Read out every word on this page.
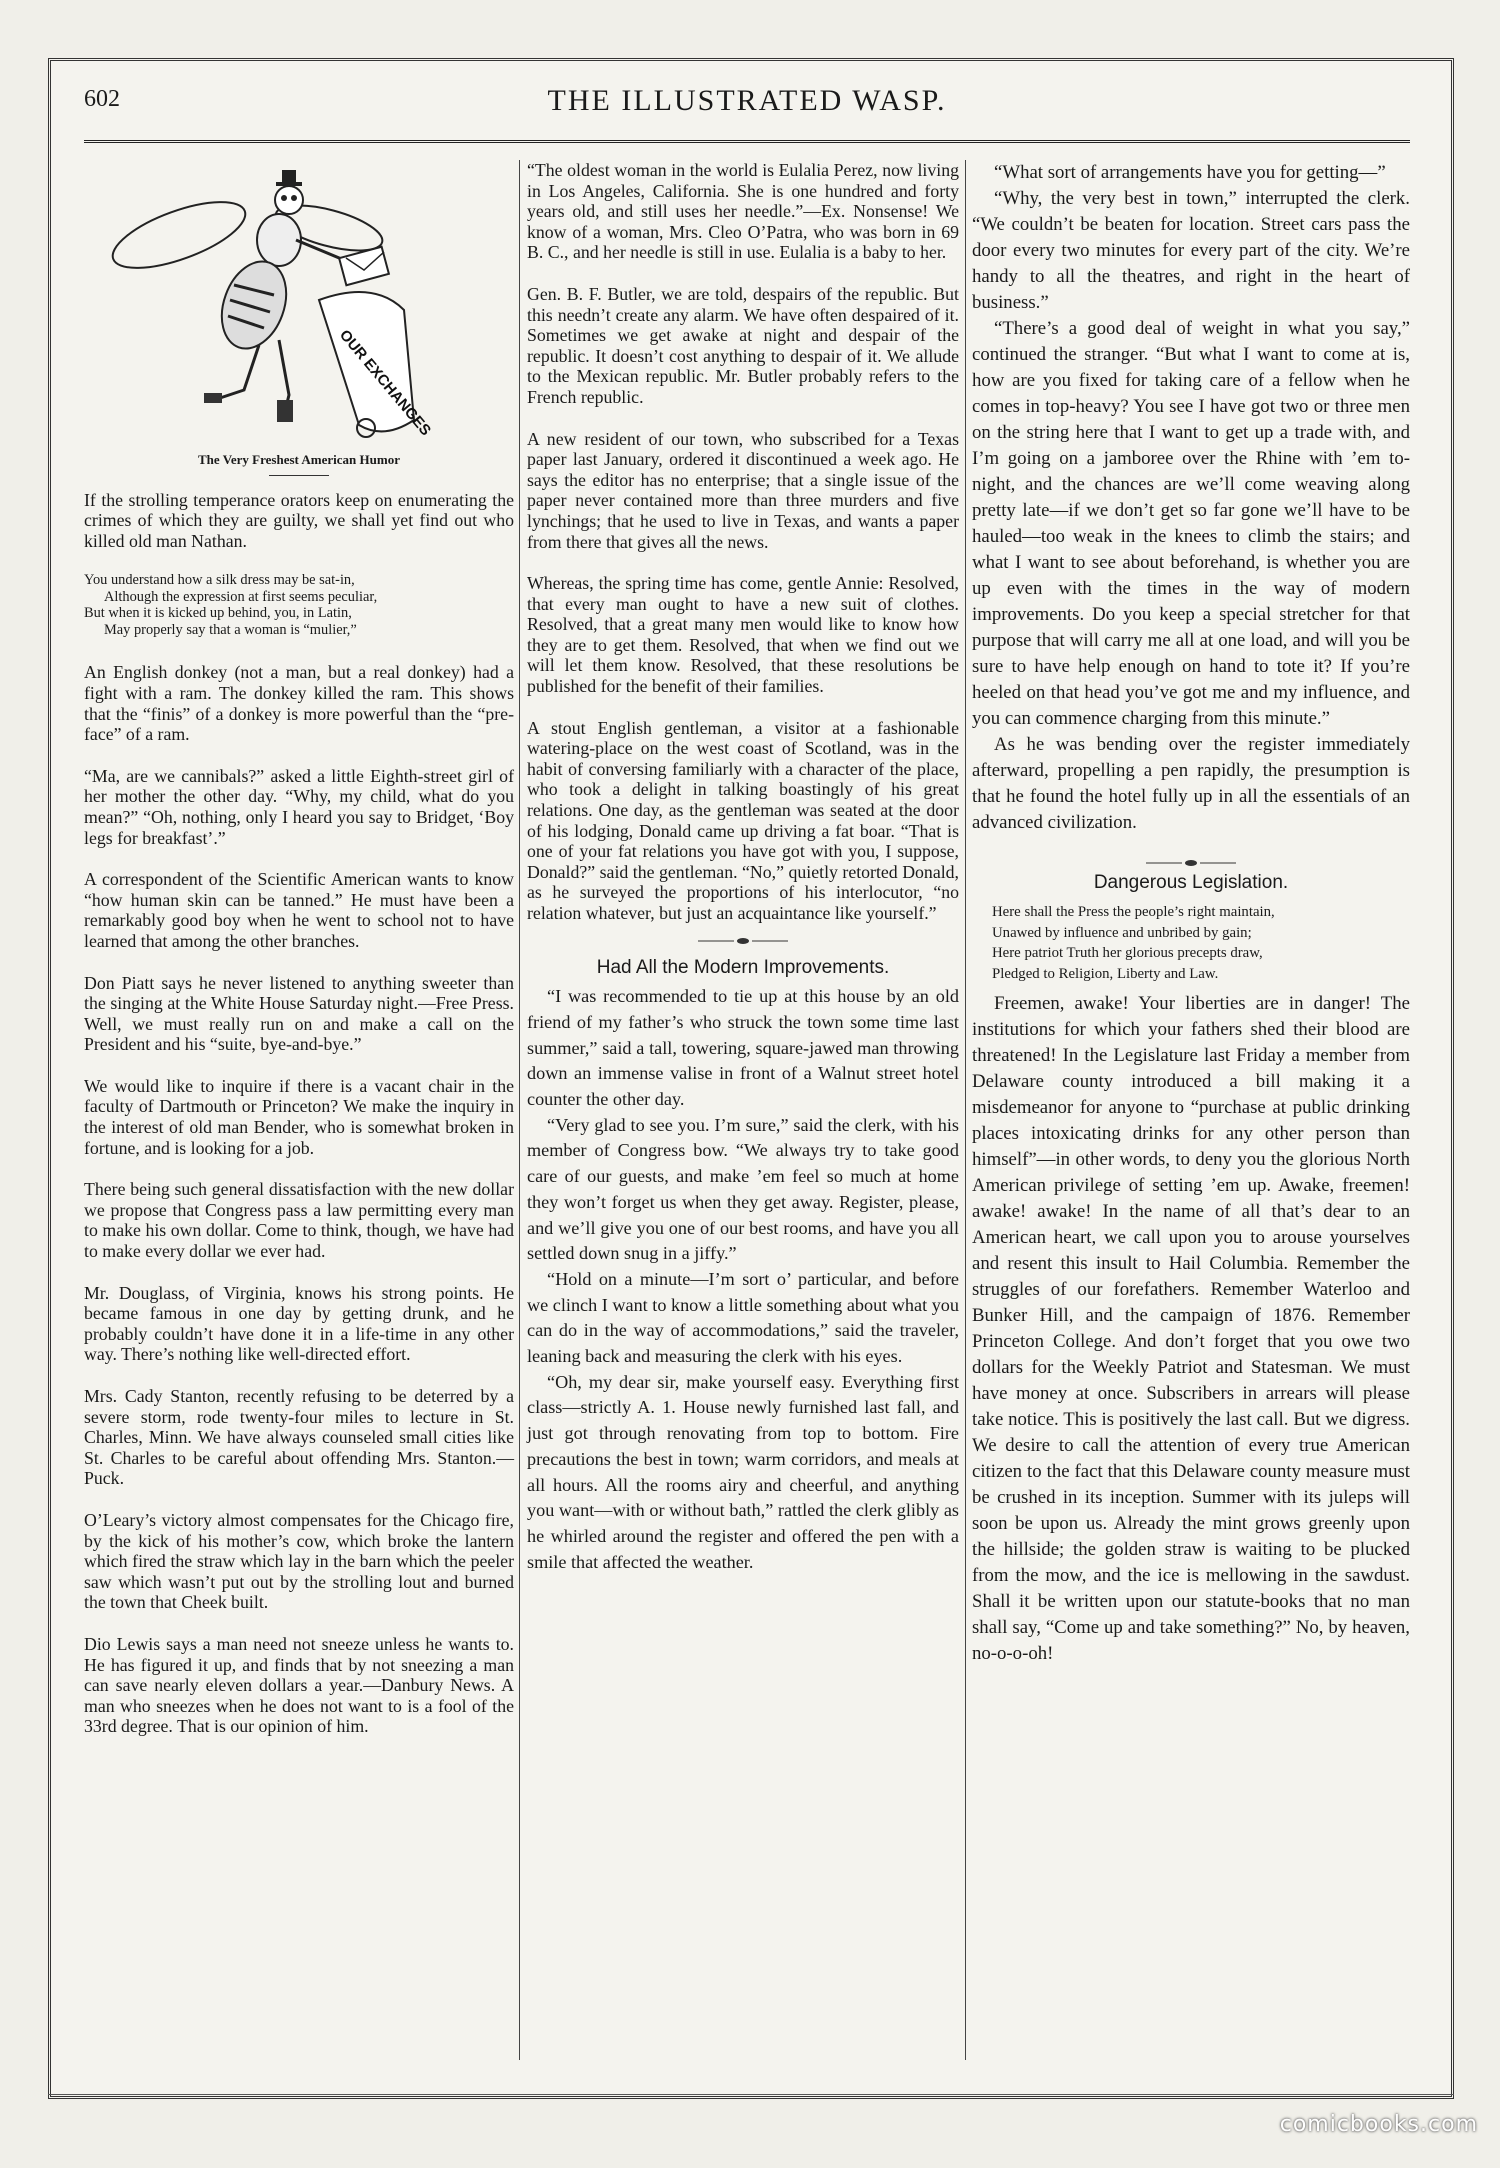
602	THE ILLUSTRATED WASP.
OUR EXCHANGES
The Very Freshest American Humor

If the strolling temperance orators keep on enumerating the crimes of which they are guilty, we shall yet find out who killed old man Nathan.

You understand how a silk dress may be sat-in,
Although the expression at first seems peculiar,
But when it is kicked up behind, you, in Latin,
May properly say that a woman is “mulier,”

An English donkey (not a man, but a real donkey) had a fight with a ram. The donkey killed the ram. This shows that the “finis” of a donkey is more powerful than the “pre-face” of a ram.

“Ma, are we cannibals?” asked a little Eighth-street girl of her mother the other day. “Why, my child, what do you mean?” “Oh, nothing, only I heard you say to Bridget, ‘Boy legs for breakfast’.”

A correspondent of the Scientific American wants to know “how human skin can be tanned.” He must have been a remarkably good boy when he went to school not to have learned that among the other branches.

Don Piatt says he never listened to anything sweeter than the singing at the White House Saturday night.—Free Press. Well, we must really run on and make a call on the President and his “suite, bye-and-bye.”

We would like to inquire if there is a vacant chair in the faculty of Dartmouth or Princeton? We make the inquiry in the interest of old man Bender, who is somewhat broken in fortune, and is looking for a job.

There being such general dissatisfaction with the new dollar we propose that Congress pass a law permitting every man to make his own dollar. Come to think, though, we have had to make every dollar we ever had.

Mr. Douglass, of Virginia, knows his strong points. He became famous in one day by getting drunk, and he probably couldn’t have done it in a life-time in any other way. There’s nothing like well-directed effort.

Mrs. Cady Stanton, recently refusing to be deterred by a severe storm, rode twenty-four miles to lecture in St. Charles, Minn. We have always counseled small cities like St. Charles to be careful about offending Mrs. Stanton.—Puck.

O’Leary’s victory almost compensates for the Chicago fire, by the kick of his mother’s cow, which broke the lantern which fired the straw which lay in the barn which the peeler saw which wasn’t put out by the strolling lout and burned the town that Cheek built.

Dio Lewis says a man need not sneeze unless he wants to. He has figured it up, and finds that by not sneezing a man can save nearly eleven dollars a year.—Danbury News. A man who sneezes when he does not want to is a fool of the 33rd degree. That is our opinion of him.

“The oldest woman in the world is Eulalia Perez, now living in Los Angeles, California. She is one hundred and forty years old, and still uses her needle.”—Ex. Nonsense! We know of a woman, Mrs. Cleo O’Patra, who was born in 69 B. C., and her needle is still in use. Eulalia is a baby to her.

Gen. B. F. Butler, we are told, despairs of the republic. But this needn’t create any alarm. We have often despaired of it. Sometimes we get awake at night and despair of the republic. It doesn’t cost anything to despair of it. We allude to the Mexican republic. Mr. Butler probably refers to the French republic.

A new resident of our town, who subscribed for a Texas paper last January, ordered it discontinued a week ago. He says the editor has no enterprise; that a single issue of the paper never contained more than three murders and five lynchings; that he used to live in Texas, and wants a paper from there that gives all the news.

Whereas, the spring time has come, gentle Annie: Resolved, that every man ought to have a new suit of clothes. Resolved, that a great many men would like to know how they are to get them. Resolved, that when we find out we will let them know. Resolved, that these resolutions be published for the benefit of their families.

A stout English gentleman, a visitor at a fashionable watering-place on the west coast of Scotland, was in the habit of conversing familiarly with a character of the place, who took a delight in talking boastingly of his great relations. One day, as the gentleman was seated at the door of his lodging, Donald came up driving a fat boar. “That is one of your fat relations you have got with you, I suppose, Donald?” said the gentleman. “No,” quietly retorted Donald, as he surveyed the proportions of his interlocutor, “no relation whatever, but just an acquaintance like yourself.”

Had All the Modern Improvements.

“I was recommended to tie up at this house by an old friend of my father’s who struck the town some time last summer,” said a tall, towering, square-jawed man throwing down an immense valise in front of a Walnut street hotel counter the other day.

“Very glad to see you. I’m sure,” said the clerk, with his member of Congress bow. “We always try to take good care of our guests, and make ’em feel so much at home they won’t forget us when they get away. Register, please, and we’ll give you one of our best rooms, and have you all settled down snug in a jiffy.”

“Hold on a minute—I’m sort o’ particular, and before we clinch I want to know a little something about what you can do in the way of accommodations,” said the traveler, leaning back and measuring the clerk with his eyes.

“Oh, my dear sir, make yourself easy. Everything first class—strictly A. 1. House newly furnished last fall, and just got through renovating from top to bottom. Fire precautions the best in town; warm corridors, and meals at all hours. All the rooms airy and cheerful, and anything you want—with or without bath,” rattled the clerk glibly as he whirled around the register and offered the pen with a smile that affected the weather.

“What sort of arrangements have you for getting—”

“Why, the very best in town,” interrupted the clerk. “We couldn’t be beaten for location. Street cars pass the door every two minutes for every part of the city. We’re handy to all the theatres, and right in the heart of business.”

“There’s a good deal of weight in what you say,” continued the stranger. “But what I want to come at is, how are you fixed for taking care of a fellow when he comes in top-heavy? You see I have got two or three men on the string here that I want to get up a trade with, and I’m going on a jamboree over the Rhine with ’em to-night, and the chances are we’ll come weaving along pretty late—if we don’t get so far gone we’ll have to be hauled—too weak in the knees to climb the stairs; and what I want to see about beforehand, is whether you are up even with the times in the way of modern improvements. Do you keep a special stretcher for that purpose that will carry me all at one load, and will you be sure to have help enough on hand to tote it? If you’re heeled on that head you’ve got me and my influence, and you can commence charging from this minute.”

As he was bending over the register immediately afterward, propelling a pen rapidly, the presumption is that he found the hotel fully up in all the essentials of an advanced civilization.

Dangerous Legislation.
Here shall the Press the people’s right maintain,
Unawed by influence and unbribed by gain;
Here patriot Truth her glorious precepts draw,
Pledged to Religion, Liberty and Law.

Freemen, awake! Your liberties are in danger! The institutions for which your fathers shed their blood are threatened! In the Legislature last Friday a member from Delaware county introduced a bill making it a misdemeanor for anyone to “purchase at public drinking places intoxicating drinks for any other person than himself”—in other words, to deny you the glorious North American privilege of setting ’em up. Awake, freemen! awake! awake! In the name of all that’s dear to an American heart, we call upon you to arouse yourselves and resent this insult to Hail Columbia. Remember the struggles of our forefathers. Remember Waterloo and Bunker Hill, and the campaign of 1876. Remember Princeton College. And don’t forget that you owe two dollars for the Weekly Patriot and Statesman. We must have money at once. Subscribers in arrears will please take notice. This is positively the last call. But we digress. We desire to call the attention of every true American citizen to the fact that this Delaware county measure must be crushed in its inception. Summer with its juleps will soon be upon us. Already the mint grows greenly upon the hillside; the golden straw is waiting to be plucked from the mow, and the ice is mellowing in the sawdust. Shall it be written upon our statute-books that no man shall say, “Come up and take something?” No, by heaven, no-o-o-oh!

comicbooks.com
